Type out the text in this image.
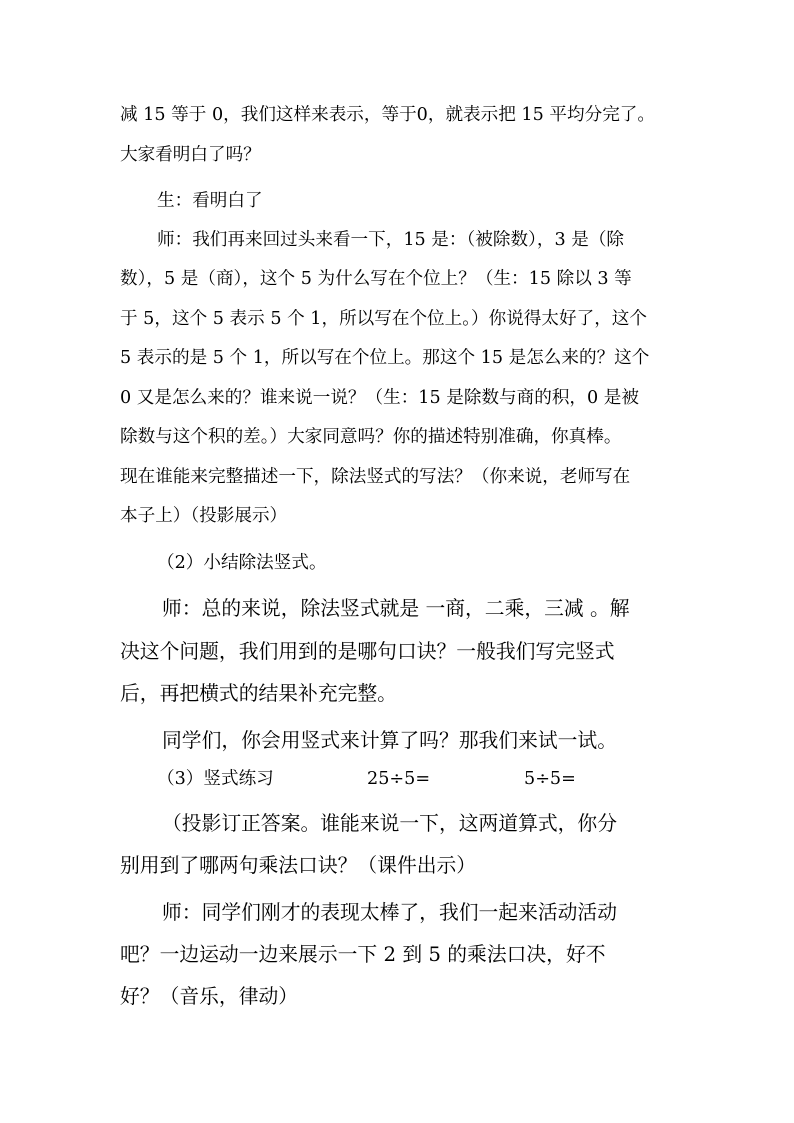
减 15 等于 0，我们这样来表示，等于0，就表示把 15 平均分完了。
大家看明白了吗？
生：看明白了
师：我们再来回过头来看一下，15 是：（被除数），3 是（除
数），5 是（商），这个 5 为什么写在个位上？（生：15 除以 3 等
于 5，这个 5 表示 5 个 1，所以写在个位上。）你说得太好了，这个
5 表示的是 5 个 1，所以写在个位上。那这个 15 是怎么来的？这个
0 又是怎么来的？谁来说一说？（生：15 是除数与商的积，0 是被
除数与这个积的差。）大家同意吗？你的描述特别准确，你真棒。
现在谁能来完整描述一下，除法竖式的写法？（你来说，老师写在
本子上）（投影展示）
（2）小结除法竖式。
师：总的来说，除法竖式就是 一商，二乘，三减 。解
决这个问题，我们用到的是哪句口诀？一般我们写完竖式
后，再把横式的结果补充完整。
同学们，你会用竖式来计算了吗？那我们来试一试。
（3）竖式练习	25÷5=	5÷5=
（投影订正答案。谁能来说一下，这两道算式，你分
别用到了哪两句乘法口诀？（课件出示）
师：同学们刚才的表现太棒了，我们一起来活动活动
吧？一边运动一边来展示一下 2 到 5 的乘法口决，好不
好？（音乐，律动）
